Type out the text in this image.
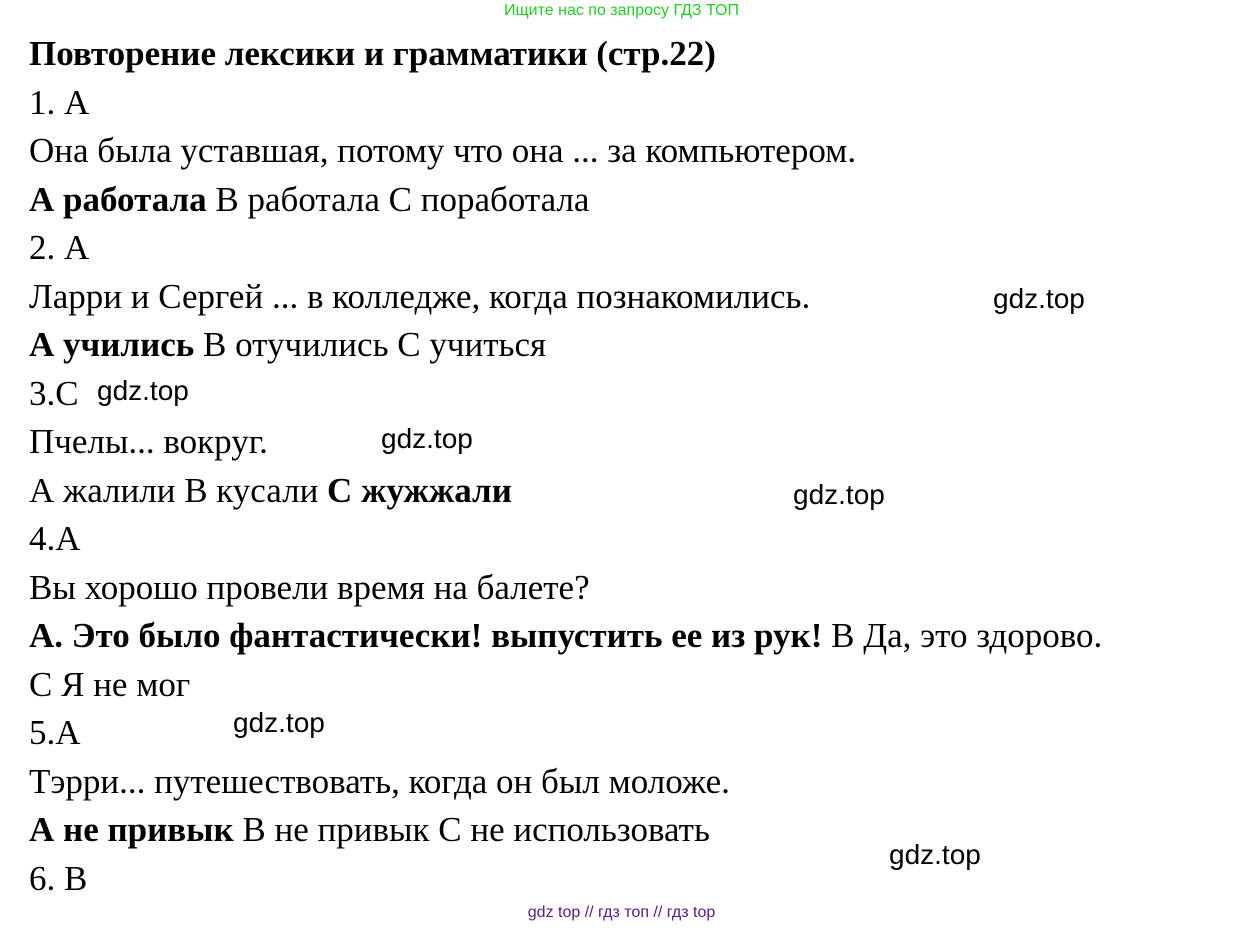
Ищите нас по запросу ГДЗ ТОП
Повторение лексики и грамматики (стр.22)
1. А
Она была уставшая, потому что она ... за компьютером.
А работала В работала С поработала
2. А
Ларри и Сергей ... в колледже, когда познакомились.
А учились В отучились С учиться
3.С
Пчелы... вокруг.
А жалили В кусали С жужжали
4.А
Вы хорошо провели время на балете?
А. Это было фантастически! выпустить ее из рук! В Да, это здорово.
С Я не мог
5.А
Тэрри... путешествовать, когда он был моложе.
А не привык В не привык С не использовать
6. В
gdz.top
gdz.top
gdz.top
gdz.top
gdz.top
gdz.top
gdz top // гдз топ // гдз top
